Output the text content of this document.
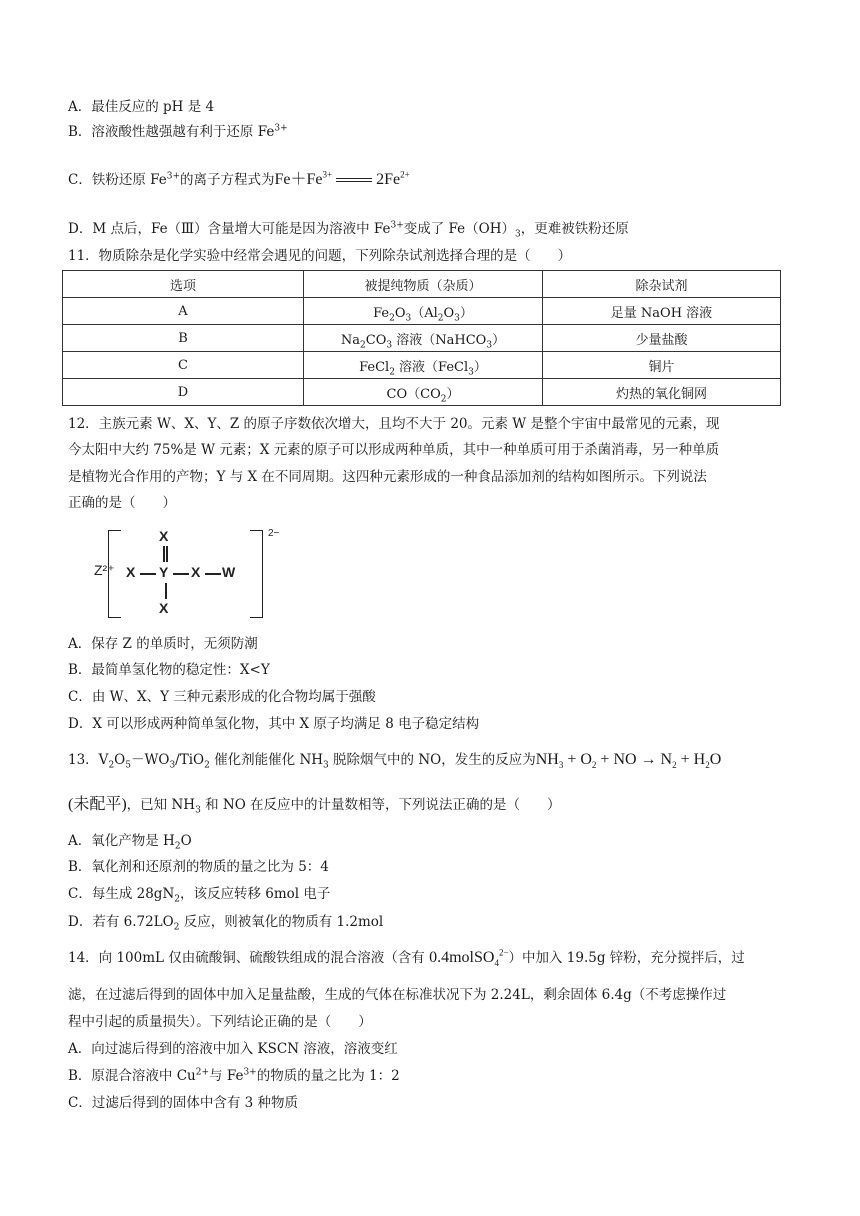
A．最佳反应的 pH 是 4
B．溶液酸性越强越有利于还原 $Fe^{3+}$
C．铁粉还原 $Fe^{3+}$的离子方程式为$Fe+Fe^{3+}$	$2Fe^{2+}$
D．M 点后，Fe（Ⅲ）含量增大可能是因为溶液中 $Fe^{3+}$变成了 $Fe(OH)_3$，更难被铁粉还原
11．物质除杂是化学实验中经常会遇见的问题，下列除杂试剂选择合理的是（　　）
选项	被提纯物质（杂质）	除杂试剂
A	$Fe_2O_3(Al_2O_3)$	足量 NaOH 溶液
B	$Na_2CO_3$ 溶液（NaHCO$_3$）	少量盐酸
C	FeCl$_2$ 溶液（FeCl$_3$）	铜片
D	$CO(CO_2)$	灼热的氧化铜网
12．主族元素 W、X、Y、Z 的原子序数依次增大，且均不大于 20。元素 W 是整个宇宙中最常见的元素，现
今太阳中大约 75%是 W 元素；X 元素的原子可以形成两种单质，其中一种单质可用于杀菌消毒，另一种单质
是植物光合作用的产物；Y 与 X 在不同周期。这四种元素形成的一种食品添加剂的结构如图所示。下列说法
正确的是（　　）
Z²⁺
2−
X
X Y X W
X
A．保存 Z 的单质时，无须防潮
B．最简单氢化物的稳定性：X<Y
C．由 W、X、Y 三种元素形成的化合物均属于强酸
D．X 可以形成两种简单氢化物，其中 X 原子均满足 8 电子稳定结构
13．$V_2O_5-WO_3/TiO_2$ 催化剂能催化 $NH_3$ 脱除烟气中的 NO，发生的反应为$NH_3 + O_2$ + NO → $N_2 + H_2O$
(未配平)，已知 $NH_3$ 和 NO 在反应中的计量数相等，下列说法正确的是（　　）
A．氧化产物是 $H_2O$
B．氧化剂和还原剂的物质的量之比为 5：4
C．每生成 $28gN_2$，该反应转移 6mol 电子
D．若有 $6.72LO_2$ 反应，则被氧化的物质有 1.2mol
14．向 100mL 仅由硫酸铜、硫酸铁组成的混合溶液（含有 0.4molSO$_4^{2-}$）中加入 19.5g 锌粉，充分搅拌后，过
滤，在过滤后得到的固体中加入足量盐酸，生成的气体在标准状况下为 2.24L，剩余固体 6.4g（不考虑操作过
程中引起的质量损失）。下列结论正确的是（　　）
A．向过滤后得到的溶液中加入 KSCN 溶液，溶液变红
B．原混合溶液中 $Cu^{2+}$与 $Fe^{3+}$的物质的量之比为 1：2
C．过滤后得到的固体中含有 3 种物质
